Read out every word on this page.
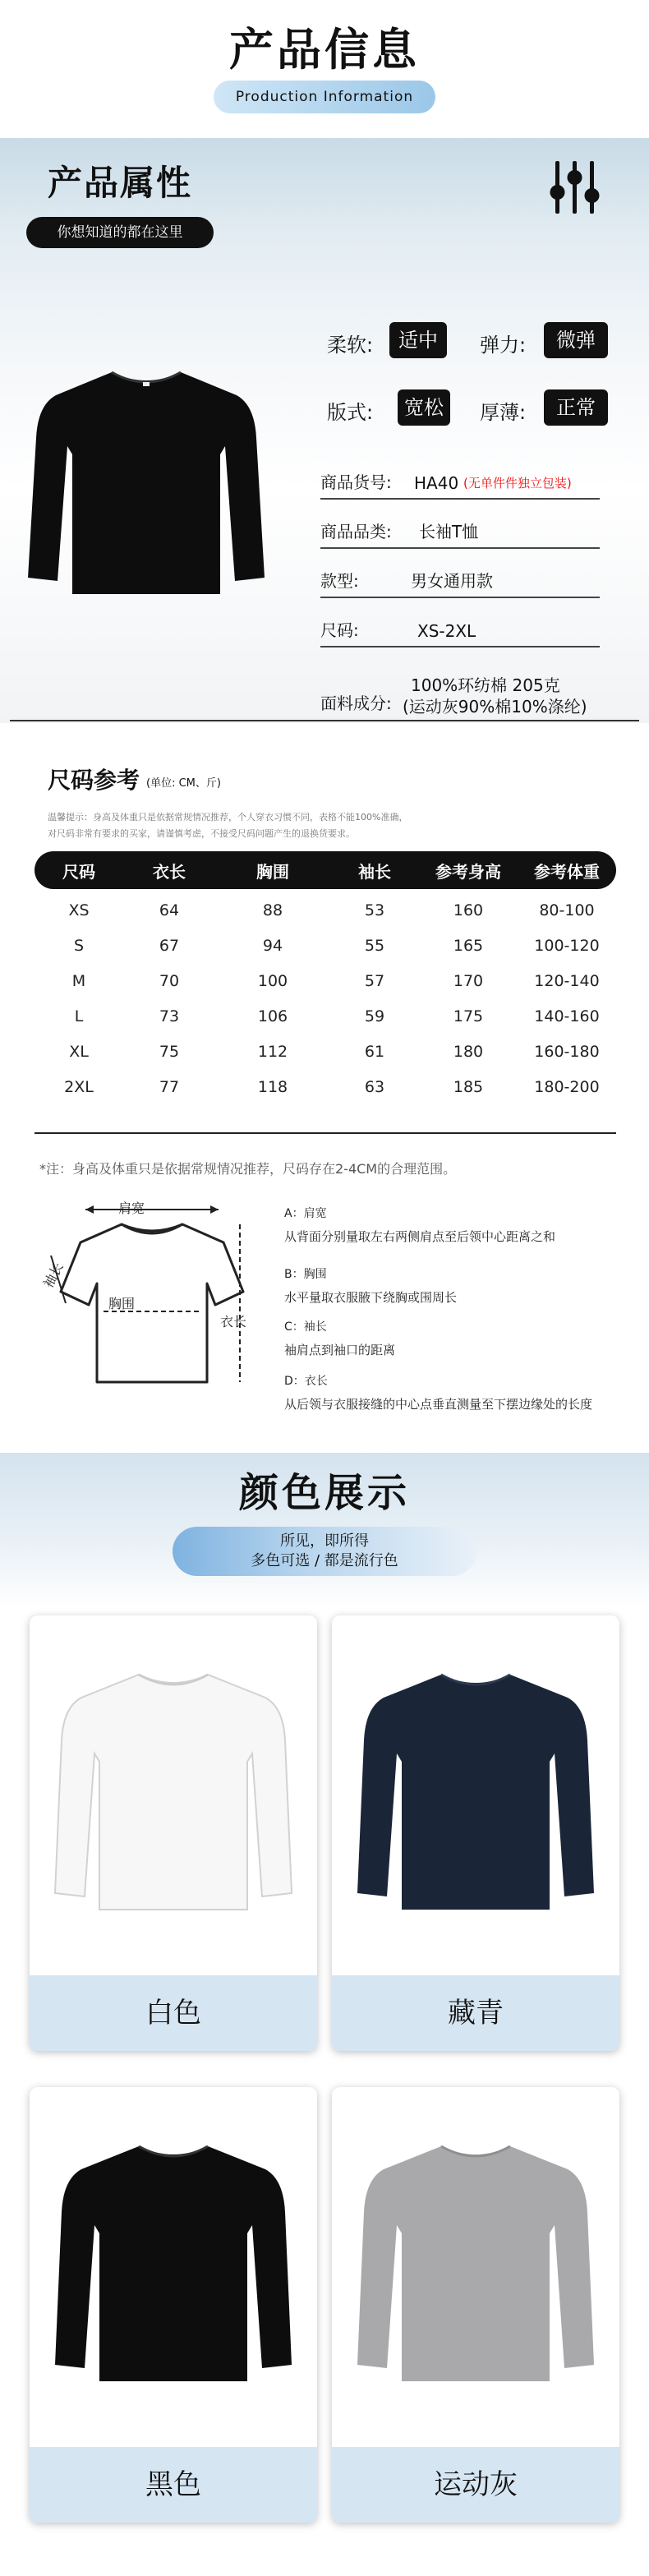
产品信息
Production Information
产品属性
你想知道的都在这里
柔软:	适中	弹力:	微弹
版式:	宽松	厚薄:	正常
商品货号: HA40 (无单件件独立包装)
商品品类: 长袖T恤
款型:	男女通用款
尺码:	XS-2XL
面料成分:
100%环纺棉 205克
(运动灰90%棉10%涤纶)
尺码参考 (单位: CM、斤)
温馨提示：身高及体重只是依据常规情况推荐，个人穿衣习惯不同，表格不能100%准确，
对尺码非常有要求的买家，请谨慎考虑，不接受尺码问题产生的退换货要求。
尺码	衣长	胸围	袖长	参考身高	参考体重
XS	64	88	53	160	80-100
S	67	94	55	165	100-120
M	70	100	57	170	120-140
L	73	106	59	175	140-160
XL	75	112	61	180	160-180
2XL	77	118	63	185	180-200
*注：身高及体重只是依据常规情况推荐，尺码存在2-4CM的合理范围。
肩宽
胸围
袖长
衣长
A：肩宽
从背面分别量取左右两侧肩点至后领中心距离之和
B：胸围
水平量取衣服腋下绕胸或围周长
C：袖长
袖肩点到袖口的距离
D：衣长
从后领与衣服接缝的中心点垂直测量至下摆边缘处的长度
颜色展示
所见，即所得
多色可选 / 都是流行色
白色	藏青
黑色	运动灰
